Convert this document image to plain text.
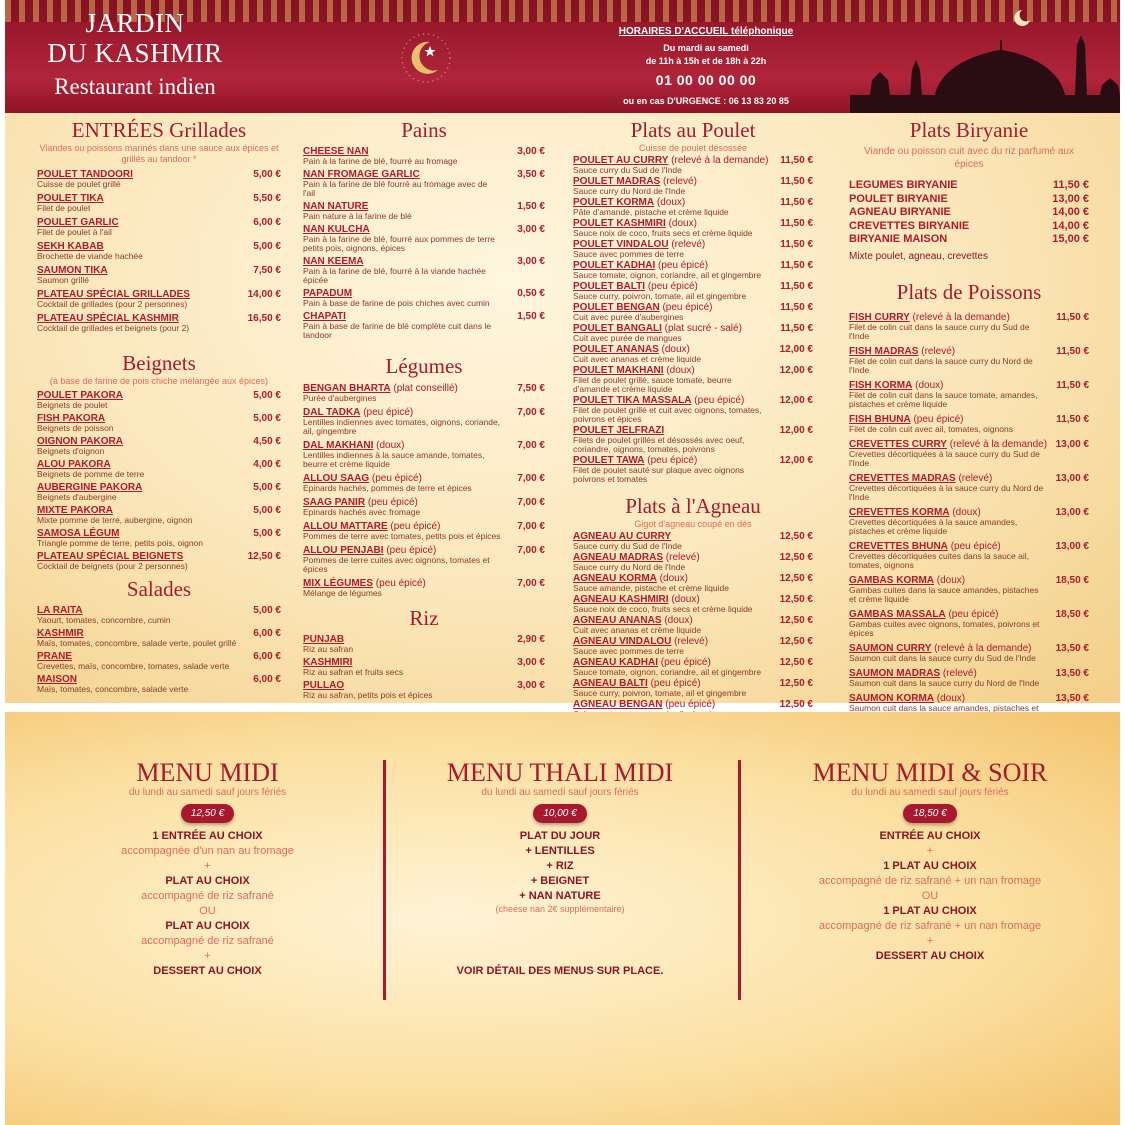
JARDIN
DU KASHMIR
Restaurant indien
HORAIRES D'ACCUEIL téléphonique
Du mardi au samedi
de 11h à 15h et de 18h à 22h
01 00 00 00 00
ou en cas D'URGENCE : 06 13 83 20 85
ENTRÉES Grillades
Viandes ou poissons marinés dans une sauce aux épices et grillés au tandoor *
POULET TANDOORI
Cuisse de poulet grillé
5,00 €
POULET TIKA
Filet de poulet
5,50 €
POULET GARLIC
Filet de poulet à l'ail
6,00 €
SEKH KABAB
Brochette de viande hachée
5,00 €
SAUMON TIKA
Saumon grillé
7,50 €
PLATEAU SPÉCIAL GRILLADES
Cocktail de grillades (pour 2 personnes)
14,00 €
PLATEAU SPÉCIAL KASHMIR
Cocktail de grillades et beignets (pour 2)
16,50 €
Beignets
(à base de farine de pois chiche mélangée aux épices)
POULET PAKORA
Beignets de poulet
5,00 €
FISH PAKORA
Beignets de poisson
5,00 €
OIGNON PAKORA
Beignets d'oignon
4,50 €
ALOU PAKORA
Beignets de pomme de terre
4,00 €
AUBERGINE PAKORA
Beignets d'aubergine
5,00 €
MIXTE PAKORA
Mixte pomme de terre, aubergine, oignon
5,00 €
SAMOSA LÉGUM
Triangle pomme de terre, petits pois, oignon
5,00 €
PLATEAU SPÉCIAL BEIGNETS
Cocktail de beignets (pour 2 personnes)
12,50 €
Salades
LA RAITA
Yaourt, tomates, concombre, cumin
5,00 €
KASHMIR
Maïs, tomates, concombre, salade verte, poulet grillé
6,00 €
PRANE
Crevettes, maïs, concombre, tomates, salade verte
6,00 €
MAISON
Maïs, tomates, concombre, salade verte
6,00 €
Pains
CHEESE NAN
Pain à la farine de blé, fourré au fromage
3,00 €
NAN FROMAGE GARLIC
Pain à la farine de blé fourré au fromage avec de l'ail
3,50 €
NAN NATURE
Pain nature à la farine de blé
1,50 €
NAN KULCHA
Pain à la farine de blé, fourré aux pommes de terre petits pois, oignons, épices
3,00 €
NAN KEEMA
Pain à la farine de blé, fourré à la viande hachée épicée
3,00 €
PAPADUM
Pain à base de farine de pois chiches avec cumin
0,50 €
CHAPATI
Pain à base de farine de blé complète cuit dans le tandoor
1,50 €
Légumes
BENGAN BHARTA (plat conseillé)
Purée d'aubergines
7,50 €
DAL TADKA (peu épicé)
Lentilles indiennes avec tomates, oignons, coriande, ail, gingembre
7,00 €
DAL MAKHANI (doux)
Lentilles indiennes à la sauce amande, tomates, beurre et crème liquide
7,00 €
ALLOU SAAG (peu épicé)
Epinards hachés, pommes de terre et épices
7,00 €
SAAG PANIR (peu épicé)
Epinards hachés avec fromage
7,00 €
ALLOU MATTARE (peu épicé)
Pommes de terre avec tomates, petits pois et épices
7,00 €
ALLOU PENJABI (peu épicé)
Pommes de terre cuites avec oignons, tomates et épices
7,00 €
MIX LÉGUMES (peu épicé)
Mélange de légumes
7,00 €
Riz
PUNJAB
Riz au safran
2,90 €
KASHMIRI
Riz au safran et fruits secs
3,00 €
PULLAO
Riz au safran, petits pois et épices
3,00 €
Plats au Poulet
Cuisse de poulet désossée
POULET AU CURRY (relevé à la demande)
Sauce curry du Sud de l'Inde
11,50 €
POULET MADRAS (relevé)
Sauce curry du Nord de l'Inde
11,50 €
POULET KORMA (doux)
Pâte d'amande, pistache et crème liquide
11,50 €
POULET KASHMIRI (doux)
Sauce noix de coco, fruits secs et crème liquide
11,50 €
POULET VINDALOU (relevé)
Sauce avec pommes de terre
11,50 €
POULET KADHAI (peu épicé)
Sauce tomate, oignon, coriandre, ail et gingembre
11,50 €
POULET BALTI (peu épicé)
Sauce curry, poivron, tomate, ail et gingembre
11,50 €
POULET BENGAN (peu épicé)
Cuit avec purée d'aubergines
11,50 €
POULET BANGALI (plat sucré - salé)
Cuit avec purée de mangues
11,50 €
POULET ANANAS (doux)
Cuit avec ananas et crème liquide
12,00 €
POULET MAKHANI (doux)
Filet de poulet grillé, sauce tomate, beurre d'amande et crème liquide
12,00 €
POULET TIKA MASSALA (peu épicé)
Filet de poulet grillé et cuit avec oignons, tomates, poivrons et épices
12,00 €
POULET JELFRAZI
Filets de poulet grillés et désossés avec oeuf, coriandre, oignons, tomates, poivrons
12,00 €
POULET TAWA (peu épicé)
Filet de poulet sauté sur plaque avec oignons poivrons et tomates
12,00 €
Plats à l'Agneau
Gigot d'agneau coupé en dés
AGNEAU AU CURRY
Sauce curry du Sud de l'Inde
12,50 €
AGNEAU MADRAS (relevé)
Sauce curry du Nord de l'Inde
12,50 €
AGNEAU KORMA (doux)
Sauce amande, pistache et crème liquide
12,50 €
AGNEAU KASHMIRI (doux)
Sauce noix de coco, fruits secs et crème liquide
12,50 €
AGNEAU ANANAS (doux)
Cuit avec ananas et crème liquide
12,50 €
AGNEAU VINDALOU (relevé)
Sauce avec pommes de terre
12,50 €
AGNEAU KADHAI (peu épicé)
Sauce tomate, oignon, coriandre, ail et gingembre
12,50 €
AGNEAU BALTI (peu épicé)
Sauce curry, poivron, tomate, ail et gingembre
12,50 €
AGNEAU BENGAN (peu épicé)	12,50 €
Plats Biryanie
Viande ou poisson cuit avec du riz parfumé aux épices
LEGUMES BIRYANIE	11,50 €
POULET BIRYANIE	13,00 €
AGNEAU BIRYANIE	14,00 €
CREVETTES BIRYANIE	14,00 €
BIRYANIE MAISON	15,00 €
Mixte poulet, agneau, crevettes
Plats de Poissons
FISH CURRY (relevé à la demande)
Filet de colin cuit dans la sauce curry du Sud de l'Inde
11,50 €
FISH MADRAS (relevé)
Filet de colin cuit dans la sauce curry du Nord de l'Inde
11,50 €
FISH KORMA (doux)
Filet de colin cuit dans la sauce tomate, amandes, pistaches et crème liquide
11,50 €
FISH BHUNA (peu épicé)
Filet de colin cuit avec ail, tomates, oignons
11,50 €
CREVETTES CURRY (relevé à la demande)
Crevettes décortiquées à la sauce curry du Sud de l'Inde
13,00 €
CREVETTES MADRAS (relevé)
Crevettes décortiquées à la sauce curry du Nord de l'Inde
13,00 €
CREVETTES KORMA (doux)
Crevettes décortiquées à la sauce amandes, pistaches et crème liquide
13,00 €
CREVETTES BHUNA (peu épicé)
Crevettes décortiquées cuites dans la sauce ail, tomates, oignons
13,00 €
GAMBAS KORMA (doux)
Gambas cuites dans la sauce amandes, pistaches et crème liquide
18,50 €
GAMBAS MASSALA (peu épicé)
Gambas cuites avec oignons, tomates, poivrons et épices
18,50 €
SAUMON CURRY (relevé à la demande)
Saumon cuit dans la sauce curry du Sud de l'Inde
13,50 €
SAUMON MADRAS (relevé)
Saumon cuit dans la sauce curry du Nord de l'Inde
13,50 €
SAUMON KORMA (doux)
Saumon cuit dans la sauce amandes, pistaches et
13,50 €
MENU MIDI
du lundi au samedi sauf jours fériés
12,50 €
1 ENTRÉE AU CHOIX
accompagnée d'un nan au fromage
+
PLAT AU CHOIX
accompagné de riz safrané
OU
PLAT AU CHOIX
accompagné de riz safrané
+
DESSERT AU CHOIX
MENU THALI MIDI
du lundi au samedi sauf jours fériés
10,00 €
PLAT DU JOUR
+ LENTILLES
+ RIZ
+ BEIGNET
+ NAN NATURE
(cheese nan 2€ supplémentaire)
VOIR DÉTAIL DES MENUS SUR PLACE.
MENU MIDI & SOIR
du lundi au samedi sauf jours fériés
18,50 €
ENTRÉE AU CHOIX
+
1 PLAT AU CHOIX
accompagné de riz safrané + un nan fromage
OU
1 PLAT AU CHOIX
accompagné de riz safrané + un nan fromage
+
DESSERT AU CHOIX
